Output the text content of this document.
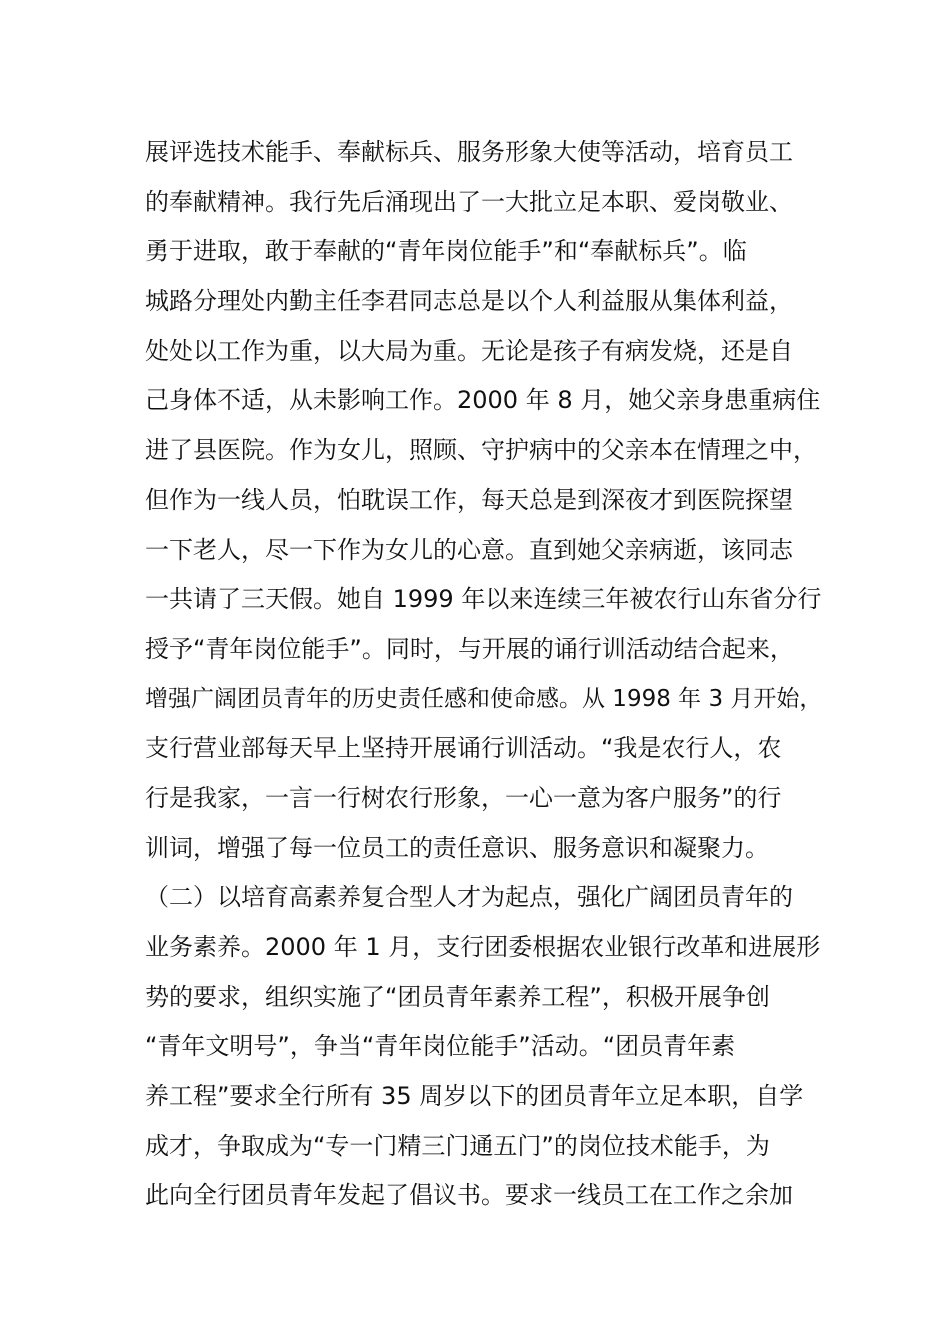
展评选技术能手、奉献标兵、服务形象大使等活动，培育员工
的奉献精神。我行先后涌现出了一大批立足本职、爱岗敬业、
勇于进取，敢于奉献的“青年岗位能手”和“奉献标兵”。临
城路分理处内勤主任李君同志总是以个人利益服从集体利益，
处处以工作为重，以大局为重。无论是孩子有病发烧，还是自
己身体不适，从未影响工作。2000 年 8 月，她父亲身患重病住
进了县医院。作为女儿，照顾、守护病中的父亲本在情理之中，
但作为一线人员，怕耽误工作，每天总是到深夜才到医院探望
一下老人，尽一下作为女儿的心意。直到她父亲病逝，该同志
一共请了三天假。她自 1999 年以来连续三年被农行山东省分行
授予“青年岗位能手”。同时，与开展的诵行训活动结合起来，
增强广阔团员青年的历史责任感和使命感。从 1998 年 3 月开始，
支行营业部每天早上坚持开展诵行训活动。“我是农行人，农
行是我家，一言一行树农行形象，一心一意为客户服务”的行
训词，增强了每一位员工的责任意识、服务意识和凝聚力。
（二）以培育高素养复合型人才为起点，强化广阔团员青年的
业务素养。2000 年 1 月，支行团委根据农业银行改革和进展形
势的要求，组织实施了“团员青年素养工程”，积极开展争创
“青年文明号”，争当“青年岗位能手”活动。“团员青年素
养工程”要求全行所有 35 周岁以下的团员青年立足本职，自学
成才，争取成为“专一门精三门通五门”的岗位技术能手，为
此向全行团员青年发起了倡议书。要求一线员工在工作之余加
